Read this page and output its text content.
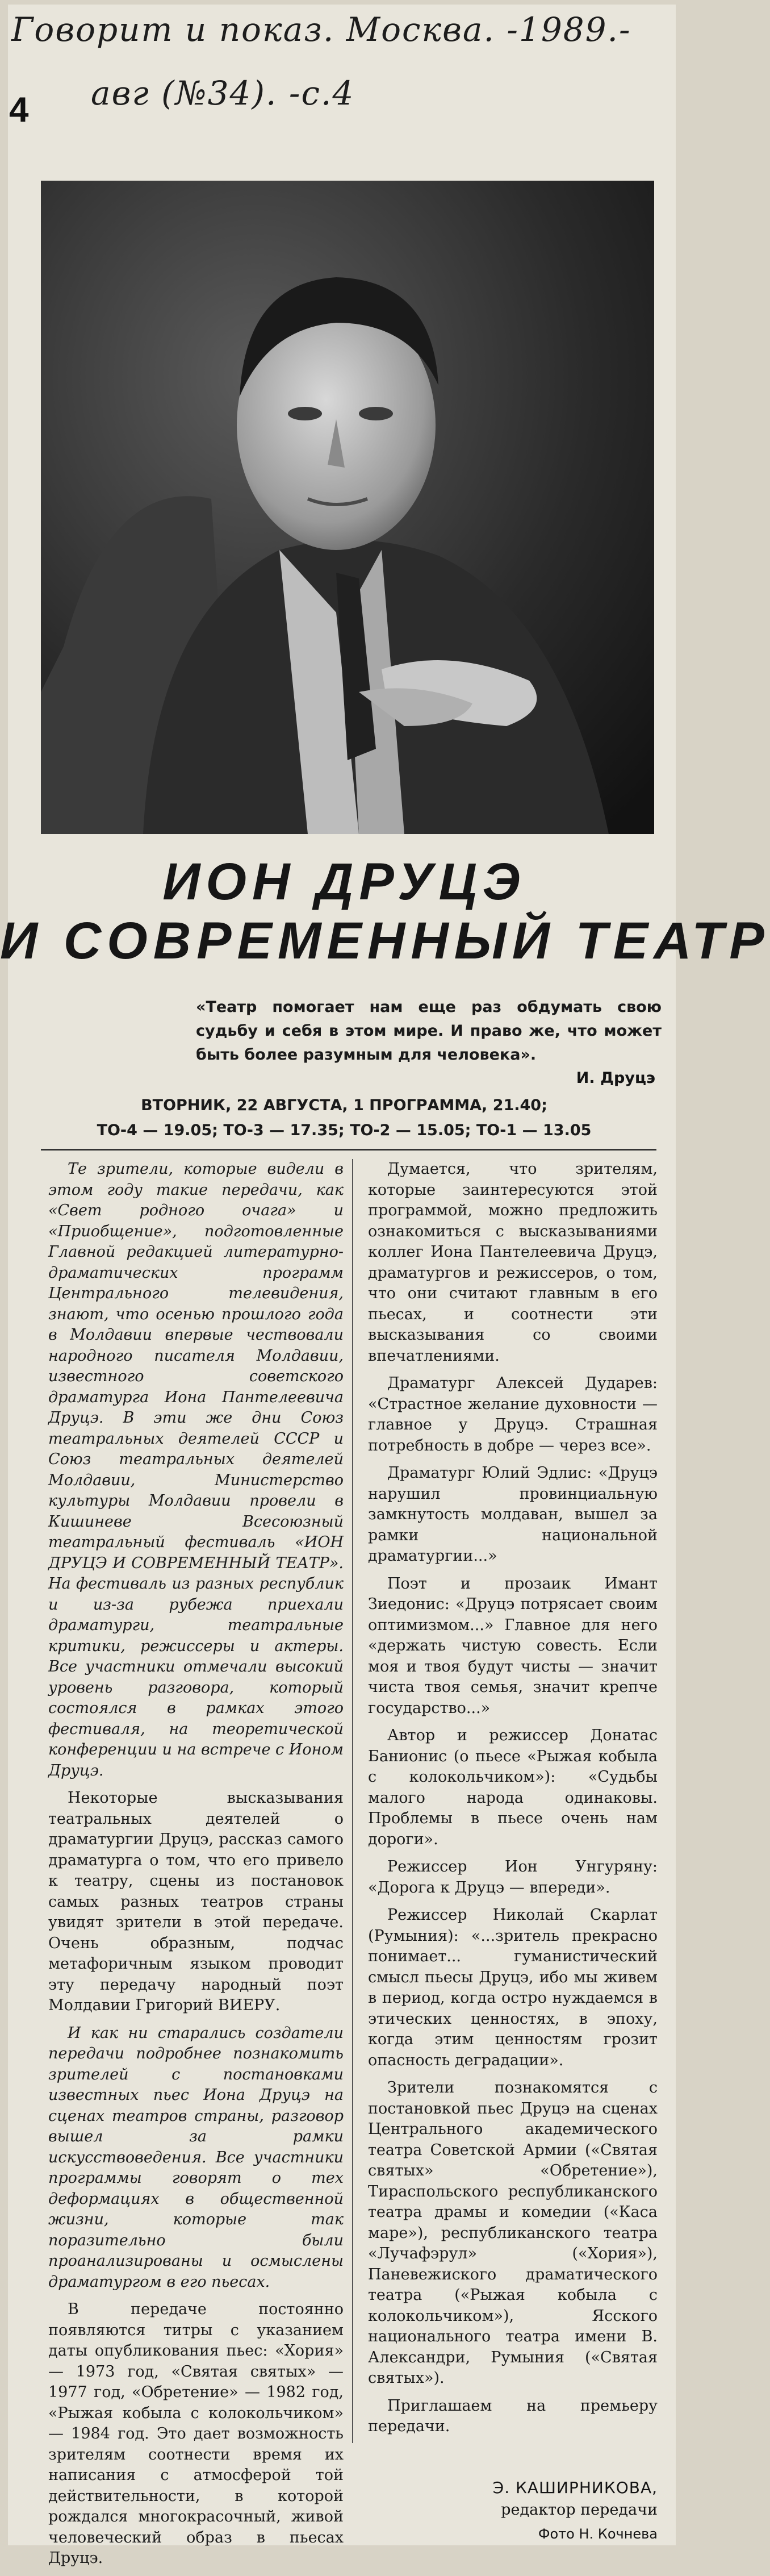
Говорит и показ. Москва. -1989.-
авг (№34). -с.4
4
ИОН ДРУЦЭ
И СОВРЕМЕННЫЙ ТЕАТР
«Театр помогает нам еще раз обдумать свою судьбу и себя в этом мире. И право же, что может быть более разумным для человека».
И. Друцэ
ВТОРНИК, 22 АВГУСТА, 1 ПРОГРАММА, 21.40;
ТО-4 — 19.05; ТО-3 — 17.35; ТО-2 — 15.05; ТО-1 — 13.05

Те зрители, которые видели в этом году такие передачи, как «Свет родного очага» и «Приобщение», подготовленные Главной редакцией литературно-драматических программ Центрального телевидения, знают, что осенью прошлого года в Молдавии впервые чествовали народного писателя Молдавии, известного советского драматурга Иона Пантелеевича Друцэ. В эти же дни Союз театральных деятелей СССР и Союз театральных деятелей Молдавии, Министерство культуры Молдавии провели в Кишиневе Всесоюзный театральный фестиваль «ИОН ДРУЦЭ И СОВРЕМЕННЫЙ ТЕАТР». На фестиваль из разных республик и из-за рубежа приехали драматурги, театральные критики, режиссеры и актеры. Все участники отмечали высокий уровень разговора, который состоялся в рамках этого фестиваля, на теоретической конференции и на встрече с Ионом Друцэ.

Некоторые высказывания театральных деятелей о драматургии Друцэ, рассказ самого драматурга о том, что его привело к театру, сцены из постановок самых разных театров страны увидят зрители в этой передаче. Очень образным, подчас метафоричным языком проводит эту передачу народный поэт Молдавии Григорий ВИЕРУ.

И как ни старались создатели передачи подробнее познакомить зрителей с постановками известных пьес Иона Друцэ на сценах театров страны, разговор вышел за рамки искусствоведения. Все участники программы говорят о тех деформациях в общественной жизни, которые так поразительно были проанализированы и осмыслены драматургом в его пьесах.

В передаче постоянно появляются титры с указанием даты опубликования пьес: «Хория» — 1973 год, «Святая святых» — 1977 год, «Обретение» — 1982 год, «Рыжая кобыла с колокольчиком» — 1984 год. Это дает возможность зрителям соотнести время их написания с атмосферой той действительности, в которой рождался многокрасочный, живой человеческий образ в пьесах Друцэ.

Думается, что зрителям, которые заинтересуются этой программой, можно предложить ознакомиться с высказываниями коллег Иона Пантелеевича Друцэ, драматургов и режиссеров, о том, что они считают главным в его пьесах, и соотнести эти высказывания со своими впечатлениями.

Драматург Алексей Дударев: «Страстное желание духовности — главное у Друцэ. Страшная потребность в добре — через все».

Драматург Юлий Эдлис: «Друцэ нарушил провинциальную замкнутость молдаван, вышел за рамки национальной драматургии...»

Поэт и прозаик Имант Зиедонис: «Друцэ потрясает своим оптимизмом...» Главное для него «держать чистую совесть. Если моя и твоя будут чисты — значит чиста твоя семья, значит крепче государство...»

Автор и режиссер Донатас Банионис (о пьесе «Рыжая кобыла с колокольчиком»): «Судьбы малого народа одинаковы. Проблемы в пьесе очень нам дороги».

Режиссер Ион Унгуряну: «Дорога к Друцэ — впереди».

Режиссер Николай Скарлат (Румыния): «...зритель прекрасно понимает... гуманистический смысл пьесы Друцэ, ибо мы живем в период, когда остро нуждаемся в этических ценностях, в эпоху, когда этим ценностям грозит опасность деградации».

Зрители познакомятся с постановкой пьес Друцэ на сценах Центрального академического театра Советской Армии («Святая святых» «Обретение»), Тираспольского республиканского театра драмы и комедии («Каса маре»), республиканского театра «Лучафэрул» («Хория»), Паневежиского драматического театра («Рыжая кобыла с колокольчиком»), Ясского национального театра имени В. Александри, Румыния («Святая святых»).

Приглашаем на премьеру передачи.

Э. КАШИРНИКОВА,
редактор передачи
Фото Н. Кочнева
